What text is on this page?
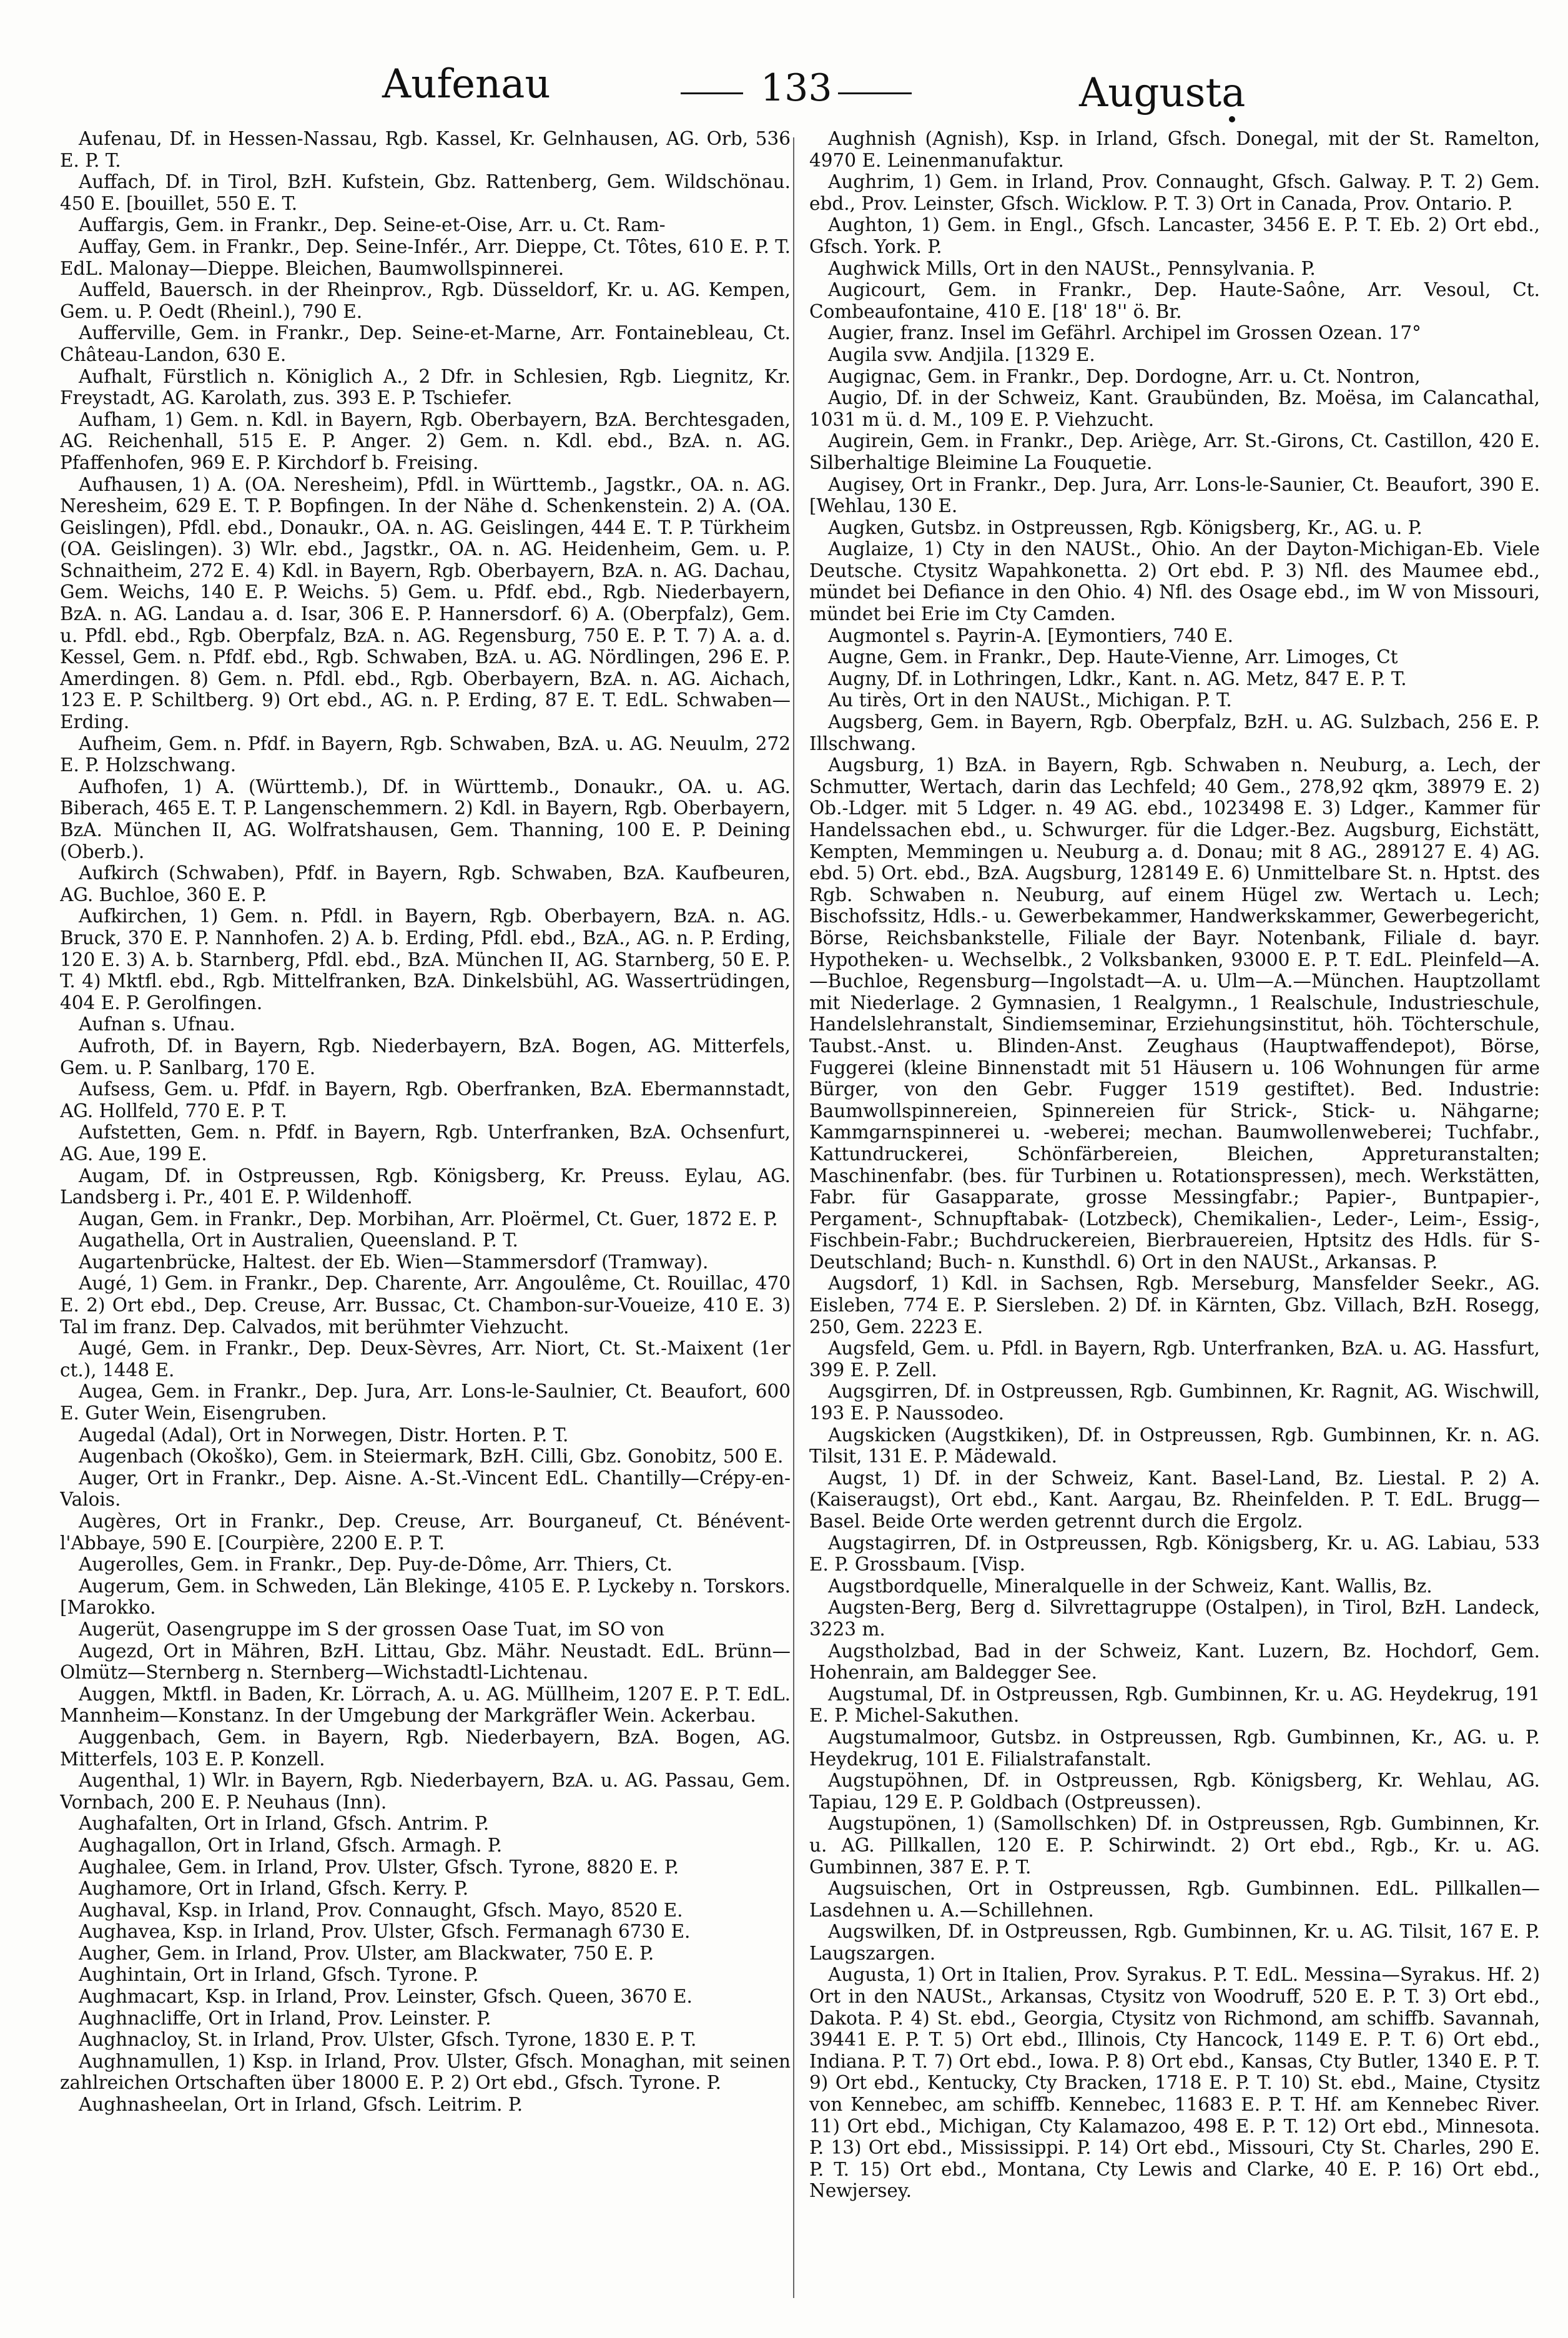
Aufenau	133	Augusta

Aufenau, Df. in Hessen-Nassau, Rgb. Kassel, Kr. Gelnhausen, AG. Orb, 536 E. P. T.

Auffach, Df. in Tirol, BzH. Kufstein, Gbz. Rattenberg, Gem. Wildschönau. 450 E. [bouillet, 550 E. T.

Auffargis, Gem. in Frankr., Dep. Seine-et-Oise, Arr. u. Ct. Ram-

Auffay, Gem. in Frankr., Dep. Seine-Infér., Arr. Dieppe, Ct. Tôtes, 610 E. P. T. EdL. Malonay—Dieppe. Bleichen, Baumwollspinnerei.

Auffeld, Bauersch. in der Rheinprov., Rgb. Düsseldorf, Kr. u. AG. Kempen, Gem. u. P. Oedt (Rheinl.), 790 E.

Aufferville, Gem. in Frankr., Dep. Seine-et-Marne, Arr. Fontainebleau, Ct. Château-Landon, 630 E.

Aufhalt, Fürstlich n. Königlich A., 2 Dfr. in Schlesien, Rgb. Liegnitz, Kr. Freystadt, AG. Karolath, zus. 393 E. P. Tschiefer.

Aufham, 1) Gem. n. Kdl. in Bayern, Rgb. Oberbayern, BzA. Berchtesgaden, AG. Reichenhall, 515 E. P. Anger. 2) Gem. n. Kdl. ebd., BzA. n. AG. Pfaffenhofen, 969 E. P. Kirchdorf b. Freising.

Aufhausen, 1) A. (OA. Neresheim), Pfdl. in Württemb., Jagstkr., OA. n. AG. Neresheim, 629 E. T. P. Bopfingen. In der Nähe d. Schenkenstein. 2) A. (OA. Geislingen), Pfdl. ebd., Donaukr., OA. n. AG. Geislingen, 444 E. T. P. Türkheim (OA. Geislingen). 3) Wlr. ebd., Jagstkr., OA. n. AG. Heidenheim, Gem. u. P. Schnaitheim, 272 E. 4) Kdl. in Bayern, Rgb. Oberbayern, BzA. n. AG. Dachau, Gem. Weichs, 140 E. P. Weichs. 5) Gem. u. Pfdf. ebd., Rgb. Niederbayern, BzA. n. AG. Landau a. d. Isar, 306 E. P. Hannersdorf. 6) A. (Oberpfalz), Gem. u. Pfdl. ebd., Rgb. Oberpfalz, BzA. n. AG. Regensburg, 750 E. P. T. 7) A. a. d. Kessel, Gem. n. Pfdf. ebd., Rgb. Schwaben, BzA. u. AG. Nördlingen, 296 E. P. Amerdingen. 8) Gem. n. Pfdl. ebd., Rgb. Oberbayern, BzA. n. AG. Aichach, 123 E. P. Schiltberg. 9) Ort ebd., AG. n. P. Erding, 87 E. T. EdL. Schwaben—Erding.

Aufheim, Gem. n. Pfdf. in Bayern, Rgb. Schwaben, BzA. u. AG. Neuulm, 272 E. P. Holzschwang.

Aufhofen, 1) A. (Württemb.), Df. in Württemb., Donaukr., OA. u. AG. Biberach, 465 E. T. P. Langenschemmern. 2) Kdl. in Bayern, Rgb. Oberbayern, BzA. München II, AG. Wolfratshausen, Gem. Thanning, 100 E. P. Deining (Oberb.).

Aufkirch (Schwaben), Pfdf. in Bayern, Rgb. Schwaben, BzA. Kaufbeuren, AG. Buchloe, 360 E. P.

Aufkirchen, 1) Gem. n. Pfdl. in Bayern, Rgb. Oberbayern, BzA. n. AG. Bruck, 370 E. P. Nannhofen. 2) A. b. Erding, Pfdl. ebd., BzA., AG. n. P. Erding, 120 E. 3) A. b. Starnberg, Pfdl. ebd., BzA. München II, AG. Starnberg, 50 E. P. T. 4) Mktfl. ebd., Rgb. Mittelfranken, BzA. Dinkelsbühl, AG. Wassertrüdingen, 404 E. P. Gerolfingen.

Aufnan s. Ufnau.

Aufroth, Df. in Bayern, Rgb. Niederbayern, BzA. Bogen, AG. Mitterfels, Gem. u. P. Sanlbarg, 170 E.

Aufsess, Gem. u. Pfdf. in Bayern, Rgb. Oberfranken, BzA. Ebermannstadt, AG. Hollfeld, 770 E. P. T.

Aufstetten, Gem. n. Pfdf. in Bayern, Rgb. Unterfranken, BzA. Ochsenfurt, AG. Aue, 199 E.

Augam, Df. in Ostpreussen, Rgb. Königsberg, Kr. Preuss. Eylau, AG. Landsberg i. Pr., 401 E. P. Wildenhoff.

Augan, Gem. in Frankr., Dep. Morbihan, Arr. Ploërmel, Ct. Guer, 1872 E. P.

Augathella, Ort in Australien, Queensland. P. T.

Augartenbrücke, Haltest. der Eb. Wien—Stammersdorf (Tramway).

Augé, 1) Gem. in Frankr., Dep. Charente, Arr. Angoulême, Ct. Rouillac, 470 E. 2) Ort ebd., Dep. Creuse, Arr. Bussac, Ct. Chambon-sur-Voueize, 410 E. 3) Tal im franz. Dep. Calvados, mit berühmter Viehzucht.

Augé, Gem. in Frankr., Dep. Deux-Sèvres, Arr. Niort, Ct. St.-Maixent (1er ct.), 1448 E.

Augea, Gem. in Frankr., Dep. Jura, Arr. Lons-le-Saulnier, Ct. Beaufort, 600 E. Guter Wein, Eisengruben.

Augedal (Adal), Ort in Norwegen, Distr. Horten. P. T.

Augenbach (Okoško), Gem. in Steiermark, BzH. Cilli, Gbz. Gonobitz, 500 E.

Auger, Ort in Frankr., Dep. Aisne. A.-St.-Vincent EdL. Chantilly—Crépy-en-Valois.

Augères, Ort in Frankr., Dep. Creuse, Arr. Bourganeuf, Ct. Bénévent-l'Abbaye, 590 E. [Courpière, 2200 E. P. T.

Augerolles, Gem. in Frankr., Dep. Puy-de-Dôme, Arr. Thiers, Ct.

Augerum, Gem. in Schweden, Län Blekinge, 4105 E. P. Lyckeby n. Torskors. [Marokko.

Augerüt, Oasengruppe im S der grossen Oase Tuat, im SO von

Augezd, Ort in Mähren, BzH. Littau, Gbz. Mähr. Neustadt. EdL. Brünn—Olmütz—Sternberg n. Sternberg—Wichstadtl-Lichtenau.

Auggen, Mktfl. in Baden, Kr. Lörrach, A. u. AG. Müllheim, 1207 E. P. T. EdL. Mannheim—Konstanz. In der Umgebung der Markgräfler Wein. Ackerbau.

Auggenbach, Gem. in Bayern, Rgb. Niederbayern, BzA. Bogen, AG. Mitterfels, 103 E. P. Konzell.

Augenthal, 1) Wlr. in Bayern, Rgb. Niederbayern, BzA. u. AG. Passau, Gem. Vornbach, 200 E. P. Neuhaus (Inn).

Aughafalten, Ort in Irland, Gfsch. Antrim. P.

Aughagallon, Ort in Irland, Gfsch. Armagh. P.

Aughalee, Gem. in Irland, Prov. Ulster, Gfsch. Tyrone, 8820 E. P.

Aughamore, Ort in Irland, Gfsch. Kerry. P.

Aughaval, Ksp. in Irland, Prov. Connaught, Gfsch. Mayo, 8520 E.

Aughavea, Ksp. in Irland, Prov. Ulster, Gfsch. Fermanagh 6730 E.

Augher, Gem. in Irland, Prov. Ulster, am Blackwater, 750 E. P.

Aughintain, Ort in Irland, Gfsch. Tyrone. P.

Aughmacart, Ksp. in Irland, Prov. Leinster, Gfsch. Queen, 3670 E.

Aughnacliffe, Ort in Irland, Prov. Leinster. P.

Aughnacloy, St. in Irland, Prov. Ulster, Gfsch. Tyrone, 1830 E. P. T.

Aughnamullen, 1) Ksp. in Irland, Prov. Ulster, Gfsch. Monaghan, mit seinen zahlreichen Ortschaften über 18000 E. P. 2) Ort ebd., Gfsch. Tyrone. P.

Aughnasheelan, Ort in Irland, Gfsch. Leitrim. P.

Aughnish (Agnish), Ksp. in Irland, Gfsch. Donegal, mit der St. Ramelton, 4970 E. Leinenmanufaktur.

Aughrim, 1) Gem. in Irland, Prov. Connaught, Gfsch. Galway. P. T. 2) Gem. ebd., Prov. Leinster, Gfsch. Wicklow. P. T. 3) Ort in Canada, Prov. Ontario. P.

Aughton, 1) Gem. in Engl., Gfsch. Lancaster, 3456 E. P. T. Eb. 2) Ort ebd., Gfsch. York. P.

Aughwick Mills, Ort in den NAUSt., Pennsylvania. P.

Augicourt, Gem. in Frankr., Dep. Haute-Saône, Arr. Vesoul, Ct. Combeaufontaine, 410 E. [18' 18'' ö. Br.

Augier, franz. Insel im Gefährl. Archipel im Grossen Ozean. 17°

Augila svw. Andjila. [1329 E.

Augignac, Gem. in Frankr., Dep. Dordogne, Arr. u. Ct. Nontron,

Augio, Df. in der Schweiz, Kant. Graubünden, Bz. Moësa, im Calancathal, 1031 m ü. d. M., 109 E. P. Viehzucht.

Augirein, Gem. in Frankr., Dep. Ariège, Arr. St.-Girons, Ct. Castillon, 420 E. Silberhaltige Bleimine La Fouquetie.

Augisey, Ort in Frankr., Dep. Jura, Arr. Lons-le-Saunier, Ct. Beaufort, 390 E. [Wehlau, 130 E.

Augken, Gutsbz. in Ostpreussen, Rgb. Königsberg, Kr., AG. u. P.

Auglaize, 1) Cty in den NAUSt., Ohio. An der Dayton-Michigan-Eb. Viele Deutsche. Ctysitz Wapahkonetta. 2) Ort ebd. P. 3) Nfl. des Maumee ebd., mündet bei Defiance in den Ohio. 4) Nfl. des Osage ebd., im W von Missouri, mündet bei Erie im Cty Camden.

Augmontel s. Payrin-A. [Eymontiers, 740 E.

Augne, Gem. in Frankr., Dep. Haute-Vienne, Arr. Limoges, Ct

Augny, Df. in Lothringen, Ldkr., Kant. n. AG. Metz, 847 E. P. T.

Au tirès, Ort in den NAUSt., Michigan. P. T.

Augsberg, Gem. in Bayern, Rgb. Oberpfalz, BzH. u. AG. Sulzbach, 256 E. P. Illschwang.

Augsburg, 1) BzA. in Bayern, Rgb. Schwaben n. Neuburg, a. Lech, der Schmutter, Wertach, darin das Lechfeld; 40 Gem., 278,92 qkm, 38979 E. 2) Ob.-Ldger. mit 5 Ldger. n. 49 AG. ebd., 1023498 E. 3) Ldger., Kammer für Handelssachen ebd., u. Schwurger. für die Ldger.-Bez. Augsburg, Eichstätt, Kempten, Memmingen u. Neuburg a. d. Donau; mit 8 AG., 289127 E. 4) AG. ebd. 5) Ort. ebd., BzA. Augsburg, 128149 E. 6) Unmittelbare St. n. Hptst. des Rgb. Schwaben n. Neuburg, auf einem Hügel zw. Wertach u. Lech; Bischofssitz, Hdls.- u. Gewerbekammer, Handwerkskammer, Gewerbegericht, Börse, Reichsbankstelle, Filiale der Bayr. Notenbank, Filiale d. bayr. Hypotheken- u. Wechselbk., 2 Volksbanken, 93000 E. P. T. EdL. Pleinfeld—A.—Buchloe, Regensburg—Ingolstadt—A. u. Ulm—A.—München. Hauptzollamt mit Niederlage. 2 Gymnasien, 1 Realgymn., 1 Realschule, Industrieschule, Handelslehranstalt, Sindiemseminar, Erziehungsinstitut, höh. Töchterschule, Taubst.-Anst. u. Blinden-Anst. Zeughaus (Hauptwaffendepot), Börse, Fuggerei (kleine Binnenstadt mit 51 Häusern u. 106 Wohnungen für arme Bürger, von den Gebr. Fugger 1519 gestiftet). Bed. Industrie: Baumwollspinnereien, Spinnereien für Strick-, Stick- u. Nähgarne; Kammgarnspinnerei u. -weberei; mechan. Baumwollenweberei; Tuchfabr., Kattundruckerei, Schönfärbereien, Bleichen, Appreturanstalten; Maschinenfabr. (bes. für Turbinen u. Rotationspressen), mech. Werkstätten, Fabr. für Gasapparate, grosse Messingfabr.; Papier-, Buntpapier-, Pergament-, Schnupftabak- (Lotzbeck), Chemikalien-, Leder-, Leim-, Essig-, Fischbein-Fabr.; Buchdruckereien, Bierbrauereien, Hptsitz des Hdls. für S-Deutschland; Buch- n. Kunsthdl. 6) Ort in den NAUSt., Arkansas. P.

Augsdorf, 1) Kdl. in Sachsen, Rgb. Merseburg, Mansfelder Seekr., AG. Eisleben, 774 E. P. Siersleben. 2) Df. in Kärnten, Gbz. Villach, BzH. Rosegg, 250, Gem. 2223 E.

Augsfeld, Gem. u. Pfdl. in Bayern, Rgb. Unterfranken, BzA. u. AG. Hassfurt, 399 E. P. Zell.

Augsgirren, Df. in Ostpreussen, Rgb. Gumbinnen, Kr. Ragnit, AG. Wischwill, 193 E. P. Naussodeo.

Augskicken (Augstkiken), Df. in Ostpreussen, Rgb. Gumbinnen, Kr. n. AG. Tilsit, 131 E. P. Mädewald.

Augst, 1) Df. in der Schweiz, Kant. Basel-Land, Bz. Liestal. P. 2) A. (Kaiseraugst), Ort ebd., Kant. Aargau, Bz. Rheinfelden. P. T. EdL. Brugg—Basel. Beide Orte werden getrennt durch die Ergolz.

Augstagirren, Df. in Ostpreussen, Rgb. Königsberg, Kr. u. AG. Labiau, 533 E. P. Grossbaum. [Visp.

Augstbordquelle, Mineralquelle in der Schweiz, Kant. Wallis, Bz.

Augsten-Berg, Berg d. Silvrettagruppe (Ostalpen), in Tirol, BzH. Landeck, 3223 m.

Augstholzbad, Bad in der Schweiz, Kant. Luzern, Bz. Hochdorf, Gem. Hohenrain, am Baldegger See.

Augstumal, Df. in Ostpreussen, Rgb. Gumbinnen, Kr. u. AG. Heydekrug, 191 E. P. Michel-Sakuthen.

Augstumalmoor, Gutsbz. in Ostpreussen, Rgb. Gumbinnen, Kr., AG. u. P. Heydekrug, 101 E. Filialstrafanstalt.

Augstupöhnen, Df. in Ostpreussen, Rgb. Königsberg, Kr. Wehlau, AG. Tapiau, 129 E. P. Goldbach (Ostpreussen).

Augstupönen, 1) (Samollschken) Df. in Ostpreussen, Rgb. Gumbinnen, Kr. u. AG. Pillkallen, 120 E. P. Schirwindt. 2) Ort ebd., Rgb., Kr. u. AG. Gumbinnen, 387 E. P. T.

Augsuischen, Ort in Ostpreussen, Rgb. Gumbinnen. EdL. Pillkallen—Lasdehnen u. A.—Schillehnen.

Augswilken, Df. in Ostpreussen, Rgb. Gumbinnen, Kr. u. AG. Tilsit, 167 E. P. Laugszargen.

Augusta, 1) Ort in Italien, Prov. Syrakus. P. T. EdL. Messina—Syrakus. Hf. 2) Ort in den NAUSt., Arkansas, Ctysitz von Woodruff, 520 E. P. T. 3) Ort ebd., Dakota. P. 4) St. ebd., Georgia, Ctysitz von Richmond, am schiffb. Savannah, 39441 E. P. T. 5) Ort ebd., Illinois, Cty Hancock, 1149 E. P. T. 6) Ort ebd., Indiana. P. T. 7) Ort ebd., Iowa. P. 8) Ort ebd., Kansas, Cty Butler, 1340 E. P. T. 9) Ort ebd., Kentucky, Cty Bracken, 1718 E. P. T. 10) St. ebd., Maine, Ctysitz von Kennebec, am schiffb. Kennebec, 11683 E. P. T. Hf. am Kennebec River. 11) Ort ebd., Michigan, Cty Kalamazoo, 498 E. P. T. 12) Ort ebd., Minnesota. P. 13) Ort ebd., Mississippi. P. 14) Ort ebd., Missouri, Cty St. Charles, 290 E. P. T. 15) Ort ebd., Montana, Cty Lewis and Clarke, 40 E. P. 16) Ort ebd., Newjersey.
